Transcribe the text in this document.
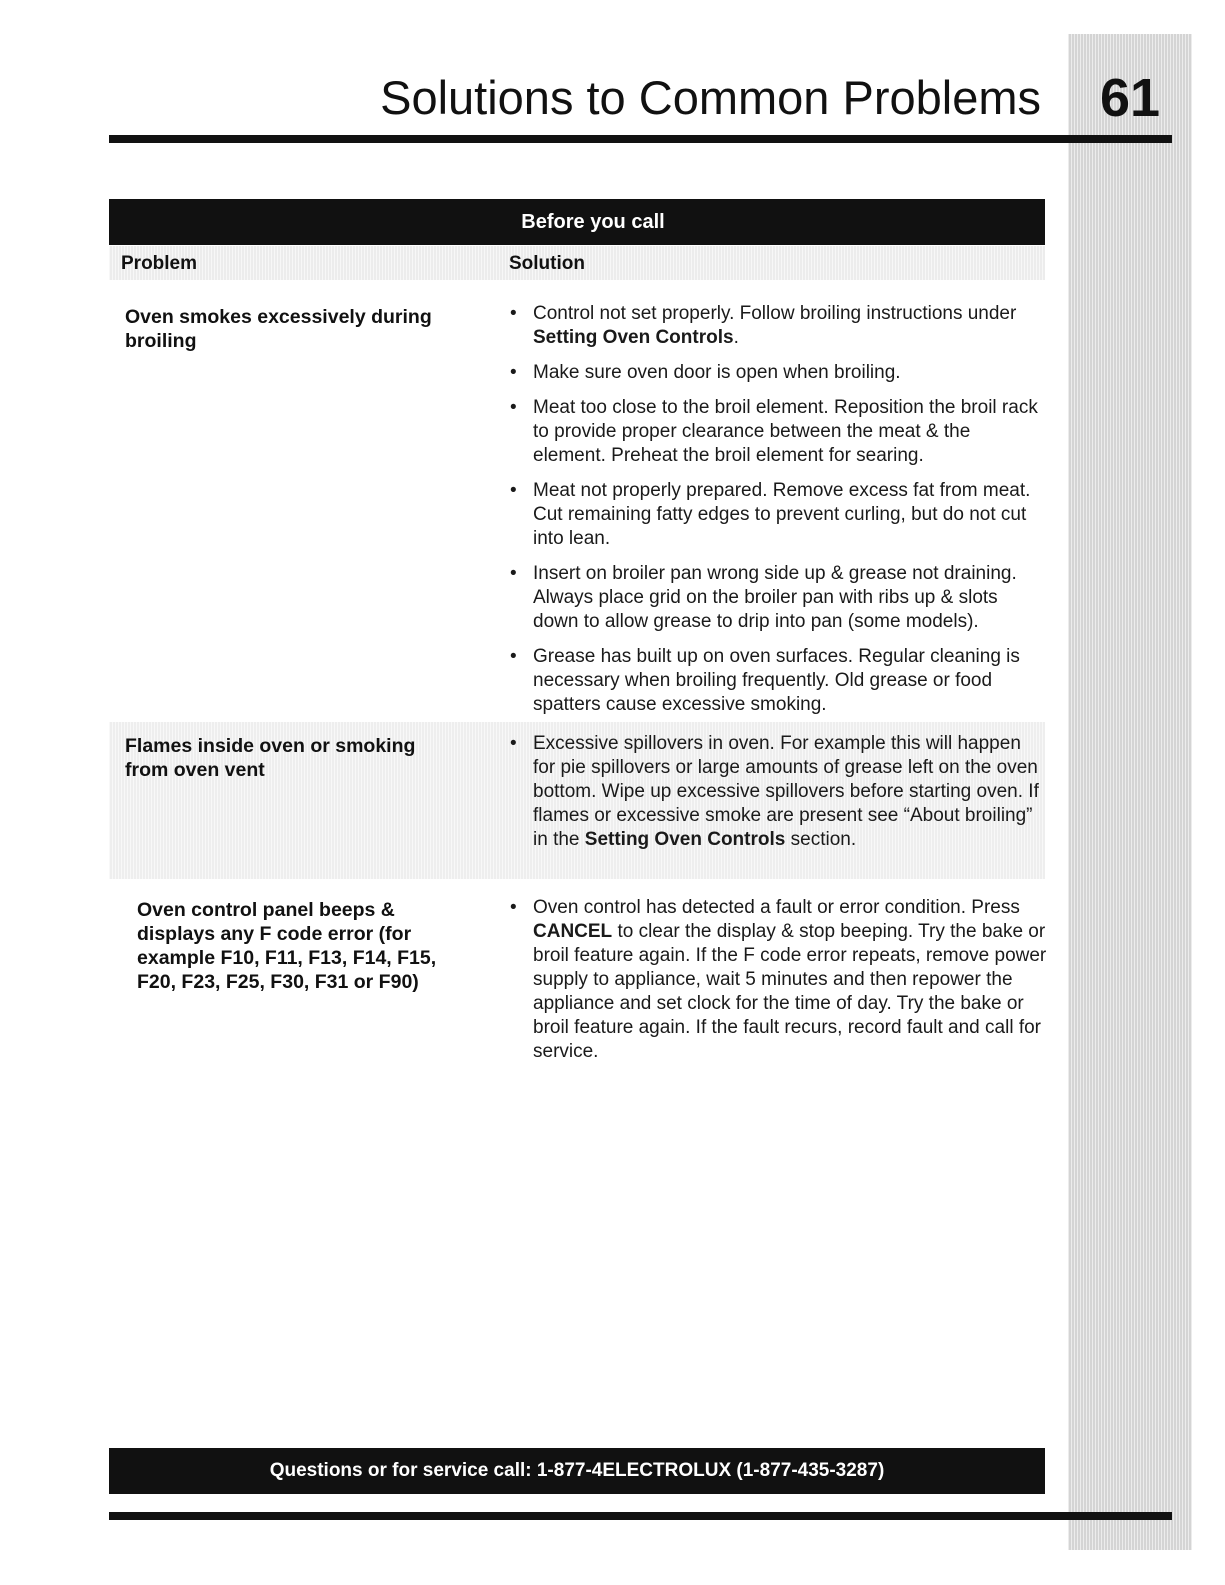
Solutions to Common Problems	61
Before you call
Problem	Solution
Oven smokes excessively during broiling
• Control not set properly. Follow broiling instructions under Setting Oven Controls.
• Make sure oven door is open when broiling.
• Meat too close to the broil element. Reposition the broil rack to provide proper clearance between the meat & the element. Preheat the broil element for searing.
• Meat not properly prepared. Remove excess fat from meat. Cut remaining fatty edges to prevent curling, but do not cut into lean.
• Insert on broiler pan wrong side up & grease not draining. Always place grid on the broiler pan with ribs up & slots down to allow grease to drip into pan (some models).
• Grease has built up on oven surfaces. Regular cleaning is necessary when broiling frequently. Old grease or food spatters cause excessive smoking.
Flames inside oven or smoking from oven vent
• Excessive spillovers in oven. For example this will happen for pie spillovers or large amounts of grease left on the oven bottom. Wipe up excessive spillovers before starting oven. If flames or excessive smoke are present see “About broiling” in the Setting Oven Controls section.
Oven control panel beeps & displays any F code error (for example F10, F11, F13, F14, F15, F20, F23, F25, F30, F31 or F90)
• Oven control has detected a fault or error condition. Press CANCEL to clear the display & stop beeping. Try the bake or broil feature again. If the F code error repeats, remove power supply to appliance, wait 5 minutes and then repower the appliance and set clock for the time of day. Try the bake or broil feature again. If the fault recurs, record fault and call for service.
Questions or for service call: 1-877-4ELECTROLUX (1-877-435-3287)
